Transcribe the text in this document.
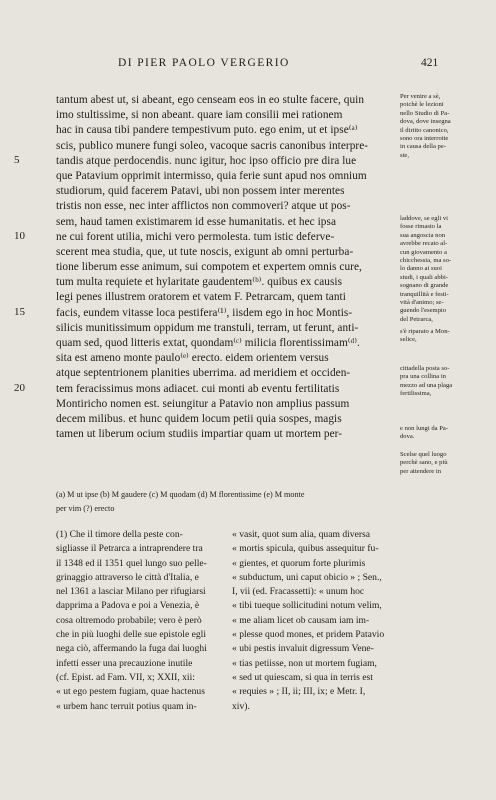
DI PIER PAOLO VERGERIO	421
tantum abest ut, si abeant, ego censeam eos in eo stulte facere, quin
imo stultissime, si non abeant. quare iam consilii mei rationem
hac in causa tibi pandere tempestivum puto. ego enim, ut et ipse⁽ᵃ⁾
scis, publico munere fungi soleo, vacoque sacris canonibus interpre-
tandis atque perdocendis. nunc igitur, hoc ipso officio pre dira lue
que Patavium opprimit intermisso, quia ferie sunt apud nos omnium
studiorum, quid facerem Patavi, ubi non possem inter merentes
tristis non esse, nec inter afflictos non commoveri? atque ut pos-
sem, haud tamen existimarem id esse humanitatis. et hec ipsa
ne cui forent utilia, michi vero permolesta. tum istic deferve-
scerent mea studia, que, ut tute noscis, exigunt ab omni perturba-
tione liberum esse animum, sui compotem et expertem omnis cure,
tum multa requiete et hylaritate gaudentem⁽ᵇ⁾. quibus ex causis
legi penes illustrem oratorem et vatem F. Petrarcam, quem tanti
facis, eundem vitasse loca pestifera⁽¹⁾, iisdem ego in hoc Montis-
silicis munitissimum oppidum me transtuli, terram, ut ferunt, anti-
quam sed, quod litteris extat, quondam⁽ᶜ⁾ milicia florentissimam⁽ᵈ⁾.
sita est ameno monte paulo⁽ᵉ⁾ erecto. eidem orientem versus
atque septentrionem planities uberrima. ad meridiem et occiden-
tem feracissimus mons adiacet. cui monti ab eventu fertilitatis
Montiricho nomen est. seiungitur a Patavio non amplius passum
decem milibus. et hunc quidem locum petii quia sospes, magis
tamen ut liberum ocium studiis impartiar quam ut mortem per-
5
10
15
20
Per venire a sè,
poichè le lezioni
nello Studio di Pa-
dova, dove insegna
il diritto canonico,
sono ora interrotte
in causa della pe-
ste,
laddove, se egli vi
fosse rimasto la
sua angoscia non
avrebbe recato al-
cun giovamento a
chicchessia, ma so-
lo danno ai suoi
studi, i quali abbi-
sognano di grande
tranquillità e festi-
vità d'animo; se-
guendo l'esempio
del Petrarca,
s'è riparato a Mon-
selice,
cittadella posta so-
pra una collina in
mezzo ad una plaga
fertilissima,
e non lungi da Pa-
dova.
Scelse quel luogo
perchè sano, e più
per attendere in
(a) M ut ipse (b) M gaudere (c) M quodam (d) M florentissime (e) M monte
per vim (?) erecto
(1) Che il timore della peste con-
sigliasse il Petrarca a intraprendere tra
il 1348 ed il 1351 quel lungo suo pelle-
grinaggio attraverso le città d'Italia, e
nel 1361 a lasciar Milano per rifugiarsi
dapprima a Padova e poi a Venezia, è
cosa oltremodo probabile; vero è però
che in più luoghi delle sue epistole egli
nega ciò, affermando la fuga dai luoghi
infetti esser una precauzione inutile
(cf. Epist. ad Fam. VII, x; XXII, xii:
« ut ego pestem fugiam, quae hactenus
« urbem hanc terruit potius quam in-
« vasit, quot sum alia, quam diversa
« mortis spicula, quibus assequitur fu-
« gientes, et quorum forte plurimis
« subductum, uni caput obicio » ; Sen.,
I, vii (ed. Fracassetti): « unum hoc
« tibi tueque sollicitudini notum velim,
« me aliam licet ob causam iam im-
« plesse quod mones, et pridem Patavio
« ubi pestis invaluit digressum Vene-
« tias petiisse, non ut mortem fugiam,
« sed ut quiescam, si qua in terris est
« requies » ; II, ii; III, ix; e Metr. I,
xiv).
